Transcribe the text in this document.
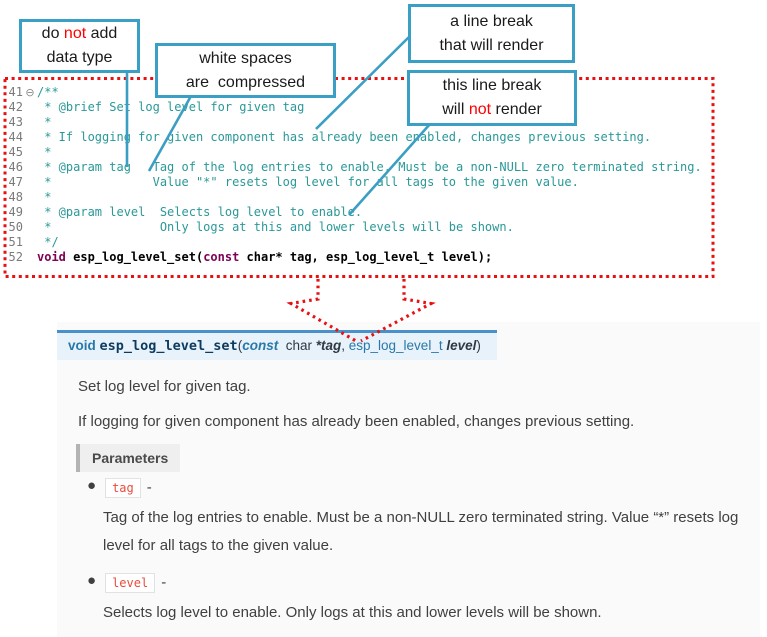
do not add
data type	white spaces
are  compressed
a line break
that will render
this line break
will not render
41 ⊖ /**
42 * @brief Set log level for given tag
43 *
44 * If logging for given component has already been enabled, changes previous setting.
45 *
46 * @param tag   Tag of the log entries to enable. Must be a non-NULL zero terminated string.
47 *              Value "*" resets log level for all tags to the given value.
48 *
49 * @param level  Selects log level to enable.
50 *               Only logs at this and lower levels will be shown.
51 */
52 void esp_log_level_set(const char* tag, esp_log_level_t level);
void esp_log_level_set(const  char *tag, esp_log_level_t level)

Set log level for given tag.

If logging for given component has already been enabled, changes previous setting.

Parameters
● tag -

Tag of the log entries to enable. Must be a non-NULL zero terminated string. Value “*” resets log level for all tags to the given value.

● level -

Selects log level to enable. Only logs at this and lower levels will be shown.
